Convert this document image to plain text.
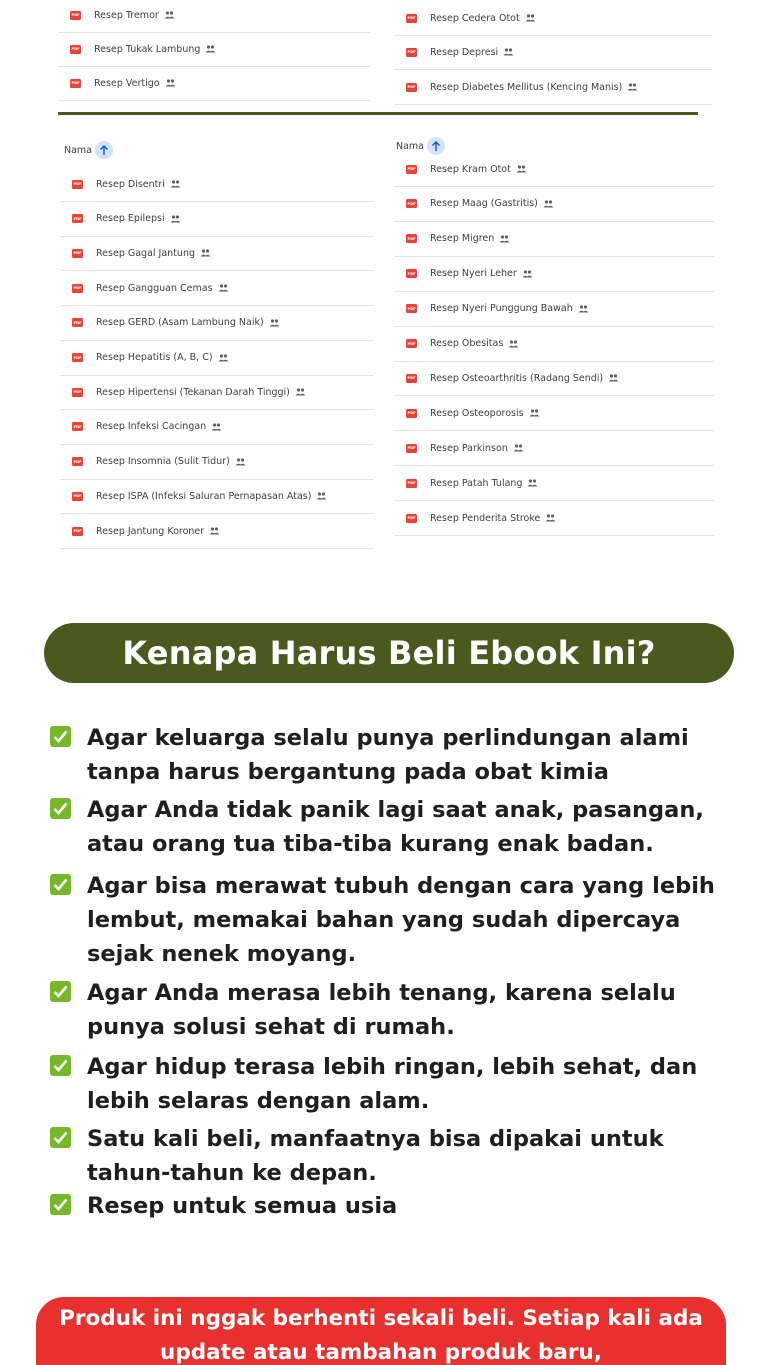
PDF Resep Tremor
PDF Resep Tukak Lambung
PDF Resep Vertigo
PDF Resep Cedera Otot
PDF Resep Depresi
PDF Resep Diabetes Mellitus (Kencing Manis)
Nama	Nama
PDF Resep Disentri
PDF Resep Epilepsi
PDF Resep Gagal Jantung
PDF Resep Gangguan Cemas
PDF Resep GERD (Asam Lambung Naik)
PDF Resep Hepatitis (A, B, C)
PDF Resep Hipertensi (Tekanan Darah Tinggi)
PDF Resep Infeksi Cacingan
PDF Resep Insomnia (Sulit Tidur)
PDF Resep ISPA (Infeksi Saluran Pernapasan Atas)
PDF Resep Jantung Koroner
PDF Resep Kram Otot
PDF Resep Maag (Gastritis)
PDF Resep Migren
PDF Resep Nyeri Leher
PDF Resep Nyeri Punggung Bawah
PDF Resep Obesitas
PDF Resep Osteoarthritis (Radang Sendi)
PDF Resep Osteoporosis
PDF Resep Parkinson
PDF Resep Patah Tulang
PDF Resep Penderita Stroke
Kenapa Harus Beli Ebook Ini?
Agar keluarga selalu punya perlindungan alami tanpa harus bergantung pada obat kimia
Agar Anda tidak panik lagi saat anak, pasangan, atau orang tua tiba-tiba kurang enak badan.
Agar bisa merawat tubuh dengan cara yang lebih lembut, memakai bahan yang sudah dipercaya sejak nenek moyang.
Agar Anda merasa lebih tenang, karena selalu punya solusi sehat di rumah.
Agar hidup terasa lebih ringan, lebih sehat, dan lebih selaras dengan alam.
Satu kali beli, manfaatnya bisa dipakai untuk tahun-tahun ke depan.
Resep untuk semua usia
Produk ini nggak berhenti sekali beli. Setiap kali ada update atau tambahan produk baru,
